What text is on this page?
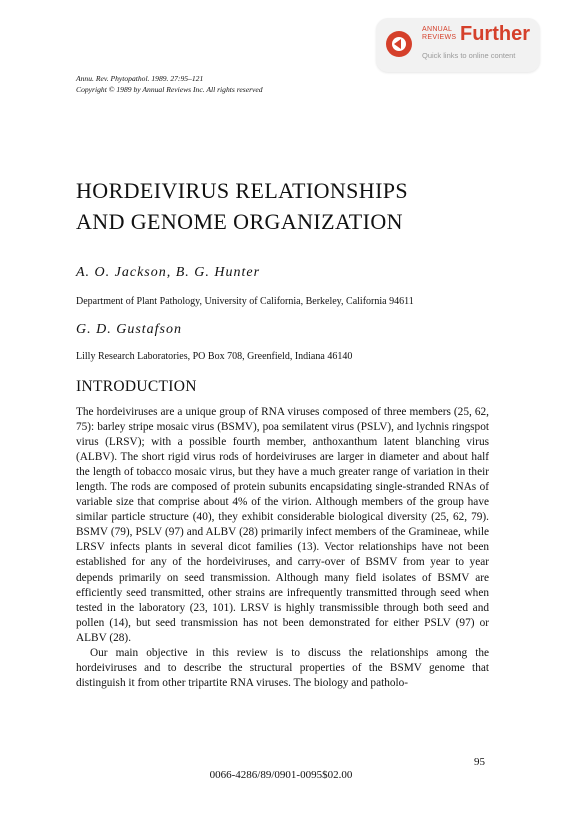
ANNUAL
REVIEWS Further
Quick links to online content
Annu. Rev. Phytopathol. 1989. 27:95–121
Copyright © 1989 by Annual Reviews Inc. All rights reserved
HORDEIVIRUS RELATIONSHIPS
AND GENOME ORGANIZATION
A. O. Jackson, B. G. Hunter
Department of Plant Pathology, University of California, Berkeley, California 94611
G. D. Gustafson
Lilly Research Laboratories, PO Box 708, Greenfield, Indiana 46140
INTRODUCTION

The hordeiviruses are a unique group of RNA viruses composed of three members (25, 62, 75): barley stripe mosaic virus (BSMV), poa semilatent virus (PSLV), and lychnis ringspot virus (LRSV); with a possible fourth member, anthoxanthum latent blanching virus (ALBV). The short rigid virus rods of hordeiviruses are larger in diameter and about half the length of tobacco mosaic virus, but they have a much greater range of variation in their length. The rods are composed of protein subunits encapsidating single-stranded RNAs of variable size that comprise about 4% of the virion. Although members of the group have similar particle structure (40), they exhibit considerable biological diversity (25, 62, 79). BSMV (79), PSLV (97) and ALBV (28) primarily infect members of the Gramineae, while LRSV infects plants in several dicot families (13). Vector relationships have not been established for any of the hordeiviruses, and carry-over of BSMV from year to year depends primarily on seed transmission. Although many field isolates of BSMV are efficiently seed transmitted, other strains are infrequently transmitted through seed when tested in the laboratory (23, 101). LRSV is highly transmissible through both seed and pollen (14), but seed transmission has not been demonstrated for either PSLV (97) or ALBV (28).

Our main objective in this review is to discuss the relationships among the hordeiviruses and to describe the structural properties of the BSMV genome that distinguish it from other tripartite RNA viruses. The biology and patholo-

95
0066-4286/89/0901-0095$02.00
